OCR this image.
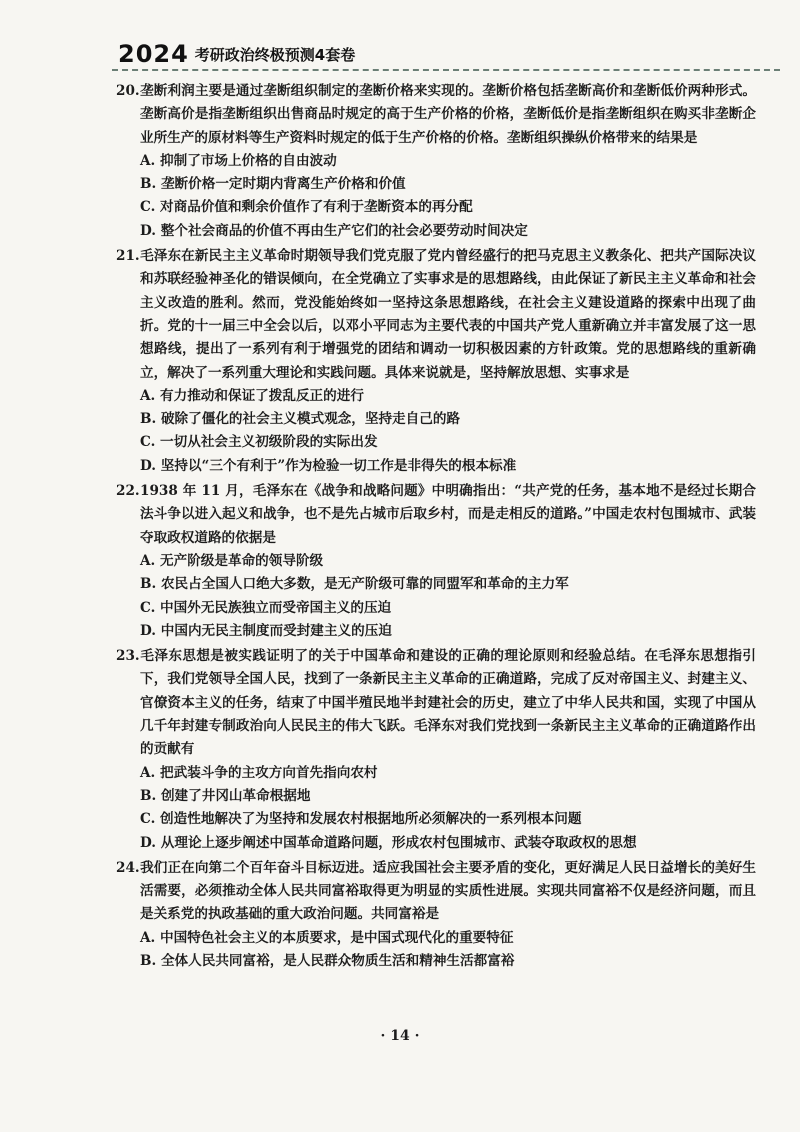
2024 考研政治终极预测4套卷
20.垄断利润主要是通过垄断组织制定的垄断价格来实现的。垄断价格包括垄断高价和垄断低价两种形式。垄断高价是指垄断组织出售商品时规定的高于生产价格的价格，垄断低价是指垄断组织在购买非垄断企业所生产的原材料等生产资料时规定的低于生产价格的价格。垄断组织操纵价格带来的结果是
A. 抑制了市场上价格的自由波动
B. 垄断价格一定时期内背离生产价格和价值
C. 对商品价值和剩余价值作了有利于垄断资本的再分配
D. 整个社会商品的价值不再由生产它们的社会必要劳动时间决定
21.毛泽东在新民主主义革命时期领导我们党克服了党内曾经盛行的把马克思主义教条化、把共产国际决议和苏联经验神圣化的错误倾向，在全党确立了实事求是的思想路线，由此保证了新民主主义革命和社会主义改造的胜利。然而，党没能始终如一坚持这条思想路线，在社会主义建设道路的探索中出现了曲折。党的十一届三中全会以后，以邓小平同志为主要代表的中国共产党人重新确立并丰富发展了这一思想路线，提出了一系列有利于增强党的团结和调动一切积极因素的方针政策。党的思想路线的重新确立，解决了一系列重大理论和实践问题。具体来说就是，坚持解放思想、实事求是
A. 有力推动和保证了拨乱反正的进行
B. 破除了僵化的社会主义模式观念，坚持走自己的路
C. 一切从社会主义初级阶段的实际出发
D. 坚持以“三个有利于”作为检验一切工作是非得失的根本标准
22.1938 年 11 月，毛泽东在《战争和战略问题》中明确指出：“共产党的任务，基本地不是经过长期合法斗争以进入起义和战争，也不是先占城市后取乡村，而是走相反的道路。”中国走农村包围城市、武装夺取政权道路的依据是
A. 无产阶级是革命的领导阶级
B. 农民占全国人口绝大多数，是无产阶级可靠的同盟军和革命的主力军
C. 中国外无民族独立而受帝国主义的压迫
D. 中国内无民主制度而受封建主义的压迫
23.毛泽东思想是被实践证明了的关于中国革命和建设的正确的理论原则和经验总结。在毛泽东思想指引下，我们党领导全国人民，找到了一条新民主主义革命的正确道路，完成了反对帝国主义、封建主义、官僚资本主义的任务，结束了中国半殖民地半封建社会的历史，建立了中华人民共和国，实现了中国从几千年封建专制政治向人民民主的伟大飞跃。毛泽东对我们党找到一条新民主主义革命的正确道路作出的贡献有
A. 把武装斗争的主攻方向首先指向农村
B. 创建了井冈山革命根据地
C. 创造性地解决了为坚持和发展农村根据地所必须解决的一系列根本问题
D. 从理论上逐步阐述中国革命道路问题，形成农村包围城市、武装夺取政权的思想
24.我们正在向第二个百年奋斗目标迈进。适应我国社会主要矛盾的变化，更好满足人民日益增长的美好生活需要，必须推动全体人民共同富裕取得更为明显的实质性进展。实现共同富裕不仅是经济问题，而且是关系党的执政基础的重大政治问题。共同富裕是
A. 中国特色社会主义的本质要求，是中国式现代化的重要特征
B. 全体人民共同富裕，是人民群众物质生活和精神生活都富裕
· 14 ·
